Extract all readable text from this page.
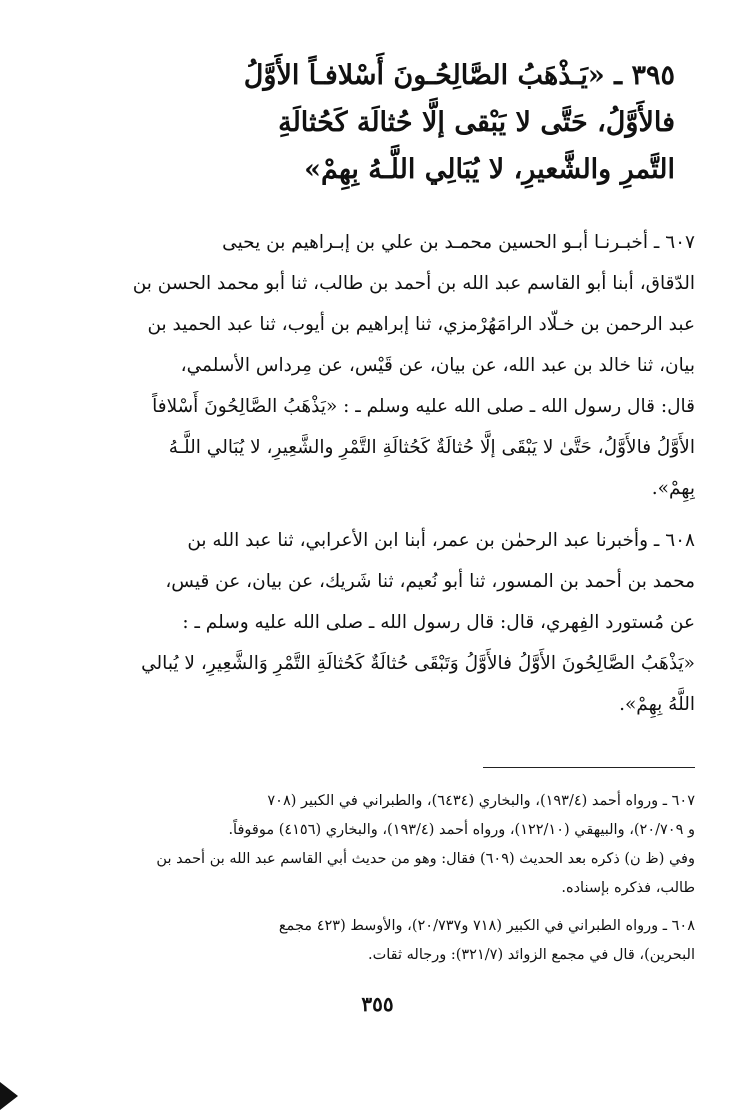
٣٩٥ ـ «يَـذْهَبُ الصَّالِحُـونَ أَسْلافـاً الأَوَّلُ
فالأَوَّلُ، حَتَّى لا يَبْقى إلَّا حُثالَة كَحُثالَةِ
التَّمرِ والشَّعيرِ، لا يُبَالِي اللَّـهُ بِهِمْ»
٦٠٧ ـ أخبـرنـا أبـو الحسين محمـد بن علي بن إبـراهيم بن يحيى
الدّقاق، أبنا أبو القاسم عبد الله بن أحمد بن طالب، ثنا أبو محمد الحسن بن
عبد الرحمن بن خـلّاد الرامَهُرْمزي، ثنا إبراهيم بن أيوب، ثنا عبد الحميد بن
بيان، ثنا خالد بن عبد الله، عن بيان، عن قَيْس، عن مِرداس الأسلمي،
قال: قال رسول الله ـ صلى الله عليه وسلم ـ : «يَذْهَبُ الصَّالِحُونَ أَسْلافاً
الأَوَّلُ فالأَوَّلُ، حَتَّىٰ لا يَبْقَى إلَّا حُثالَةٌ كَحُثالَةِ التَّمْرِ والشَّعِيرِ، لا يُبَالي اللَّـهُ
بِهِمْ».
٦٠٨ ـ وأخبرنا عبد الرحمٰن بن عمر، أبنا ابن الأعرابي، ثنا عبد الله بن
محمد بن أحمد بن المسور، ثنا أبو نُعيم، ثنا شَريك، عن بيان، عن قيس،
عن مُستورد الفِهري، قال: قال رسول الله ـ صلى الله عليه وسلم ـ :
«يَذْهَبُ الصَّالِحُونَ الأَوَّلُ فالأَوَّلُ وَتَبْقَى حُثالَةٌ كَحُثالَةِ التَّمْرِ وَالشَّعِيرِ، لا يُبالي
اللَّهُ بِهِمْ».
٦٠٧ ـ ورواه أحمد (١٩٣/٤)، والبخاري (٦٤٣٤)، والطبراني في الكبير (٧٠٨
و ٢٠/٧٠٩)، والبيهقي (١٢٢/١٠)، ورواه أحمد (١٩٣/٤)، والبخاري (٤١٥٦) موقوفاً.
وفي (ظ ن) ذكره بعد الحديث (٦٠٩) فقال: وهو من حديث أبي القاسم عبد الله بن أحمد بن
طالب، فذكره بإسناده.
٦٠٨ ـ ورواه الطبراني في الكبير (٧١٨ و٢٠/٧٣٧)، والأوسط (٤٢٣ مجمع
البحرين)، قال في مجمع الزوائد (٣٢١/٧): ورجاله ثقات.
٣٥٥
